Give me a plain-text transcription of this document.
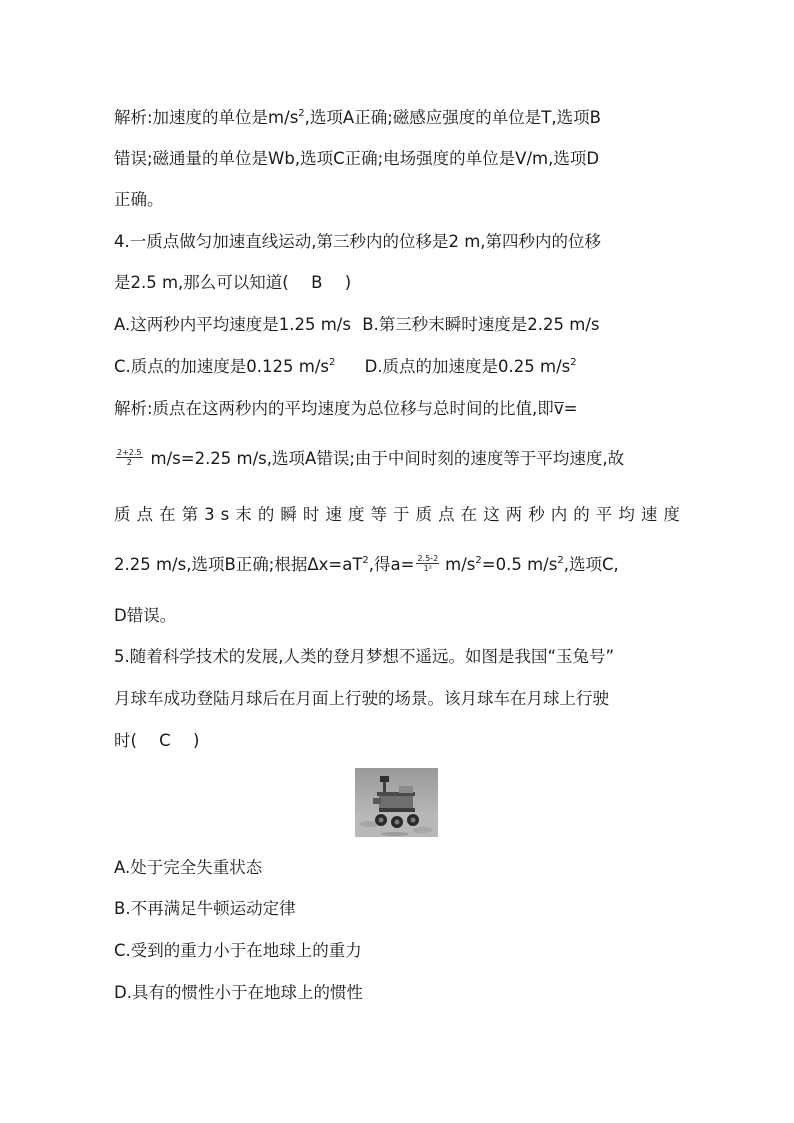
解析:加速度的单位是$m/s^2$,选项A正确;磁感应强度的单位是T,选项B
错误;磁通量的单位是Wb,选项C正确;电场强度的单位是V/m,选项D
正确。
4.一质点做匀加速直线运动,第三秒内的位移是2 m,第四秒内的位移
是2.5 m,那么可以知道( B )
A.这两秒内平均速度是1.25 m/s B.第三秒末瞬时速度是2.25 m/s
C.质点的加速度是0.125 $m/s^2$ D.质点的加速度是0.25 $m/s^2$
解析:质点在这两秒内的平均速度为总位移与总时间的比值,即v=
$\frac{2+2.5}{2} m/s=2.25$ m/s,选项A错误;由于中间时刻的速度等于平均速度,故
质 点 在 第 3 s 末 的 瞬 时 速 度 等 于 质 点 在 这 两 秒 内 的 平 均 速 度
2.25 m/s,选项B正确;根据$\Delta x=aT^2$,得$a= \frac{2.5-2}{\text{1²}} m/s^2=0.5$ $m/s^2$,选项C,
D错误。
5.随着科学技术的发展,人类的登月梦想不遥远。如图是我国“玉兔号”
月球车成功登陆月球后在月面上行驶的场景。该月球车在月球上行驶
时( C )
A.处于完全失重状态
B.不再满足牛顿运动定律
C.受到的重力小于在地球上的重力
D.具有的惯性小于在地球上的惯性
